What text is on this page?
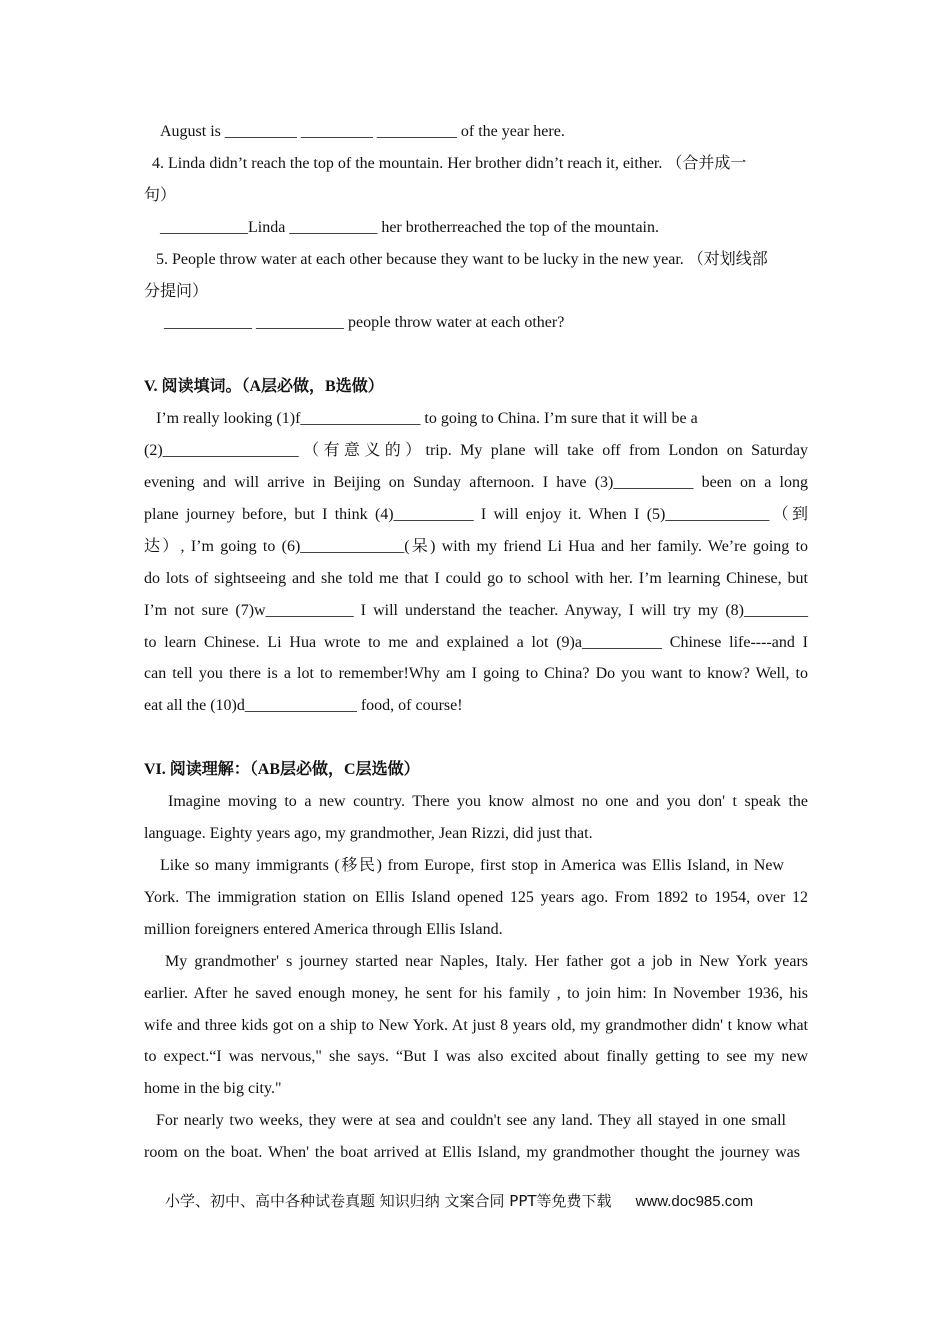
August is _________ _________ __________ of the year here.
4. Linda didn’t reach the top of the mountain. Her brother didn’t reach it, either. （合并成一
句）
___________Linda ___________ her brotherreached the top of the mountain.
5. People throw water at each other because they want to be lucky in the new year. （对划线部
分提问）
___________ ___________ people throw water at each other?
V. 阅读填词。（A层必做，B选做）
I’m really looking (1)f_______________ to going to China. I’m sure that it will be a
(2)_________________（有意义的）trip. My plane will take off from London on Saturday
evening and will arrive in Beijing on Sunday afternoon. I have (3)__________ been on a long
plane journey before, but I think (4)__________ I will enjoy it. When I (5)_____________（到
达）, I’m going to (6)_____________(呆) with my friend Li Hua and her family. We’re going to
do lots of sightseeing and she told me that I could go to school with her. I’m learning Chinese, but
I’m not sure (7)w___________ I will understand the teacher. Anyway, I will try my (8)________
to learn Chinese. Li Hua wrote to me and explained a lot (9)a__________ Chinese life----and I
can tell you there is a lot to remember!Why am I going to China? Do you want to know? Well, to
eat all the (10)d______________ food, of course!
VI. 阅读理解：（AB层必做，C层选做）
Imagine moving to a new country. There you know almost no one and you don' t speak the
language. Eighty years ago, my grandmother, Jean Rizzi, did just that.
Like so many immigrants (移民) from Europe, first stop in America was Ellis Island, in New
York. The immigration station on Ellis Island opened 125 years ago. From 1892 to 1954, over 12
million foreigners entered America through Ellis Island.
My grandmother' s journey started near Naples, Italy. Her father got a job in New York years
earlier. After he saved enough money, he sent for his family , to join him: In November 1936, his
wife and three kids got on a ship to New York. At just 8 years old, my grandmother didn' t know what
to expect.“I was nervous," she says. “But I was also excited about finally getting to see my new
home in the big city."
For nearly two weeks, they were at sea and couldn't see any land. They all stayed in one small
room on the boat. When' the boat arrived at Ellis Island, my grandmother thought the journey was
小学、初中、高中各种试卷真题 知识归纳 文案合同 PPT等免费下载 www.doc985.com
